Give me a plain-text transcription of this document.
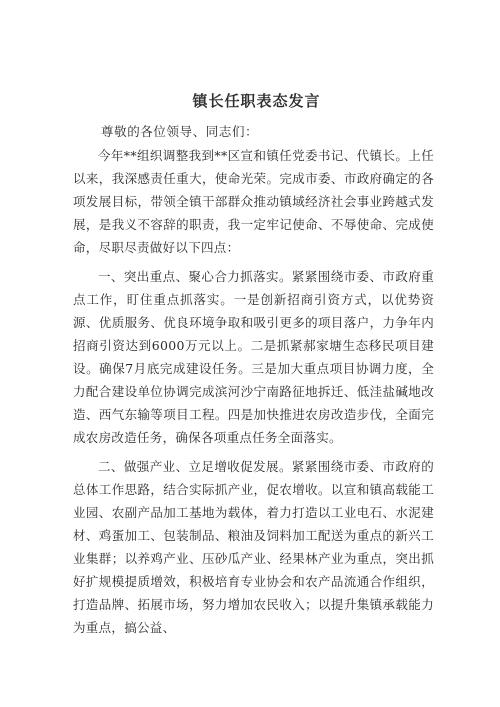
镇长任职表态发言
尊敬的各位领导、同志们：
今年**组织调整我到**区宣和镇任党委书记、代镇长。上任以来，我深感责任重大，使命光荣。完成市委、市政府确定的各项发展目标，带领全镇干部群众推动镇域经济社会事业跨越式发展，是我义不容辞的职责，我一定牢记使命、不辱使命、完成使命，尽职尽责做好以下四点：
一、突出重点、聚心合力抓落实。紧紧围绕市委、市政府重点工作，盯住重点抓落实。一是创新招商引资方式，以优势资源、优质服务、优良环境争取和吸引更多的项目落户，力争年内招商引资达到6000万元以上。二是抓紧郝家塘生态移民项目建设。确保7月底完成建设任务。三是加大重点项目协调力度，全力配合建设单位协调完成滨河沙宁南路征地拆迁、低洼盐碱地改造、西气东输等项目工程。四是加快推进农房改造步伐，全面完成农房改造任务，确保各项重点任务全面落实。
二、做强产业、立足增收促发展。紧紧围绕市委、市政府的总体工作思路，结合实际抓产业，促农增收。以宣和镇高载能工业园、农副产品加工基地为载体，着力打造以工业电石、水泥建材、鸡蛋加工、包装制品、粮油及饲料加工配送为重点的新兴工业集群；以养鸡产业、压砂瓜产业、经果林产业为重点，突出抓好扩规模提质增效，积极培育专业协会和农产品流通合作组织，打造品牌、拓展市场，努力增加农民收入；以提升集镇承载能力为重点，搞公益、
